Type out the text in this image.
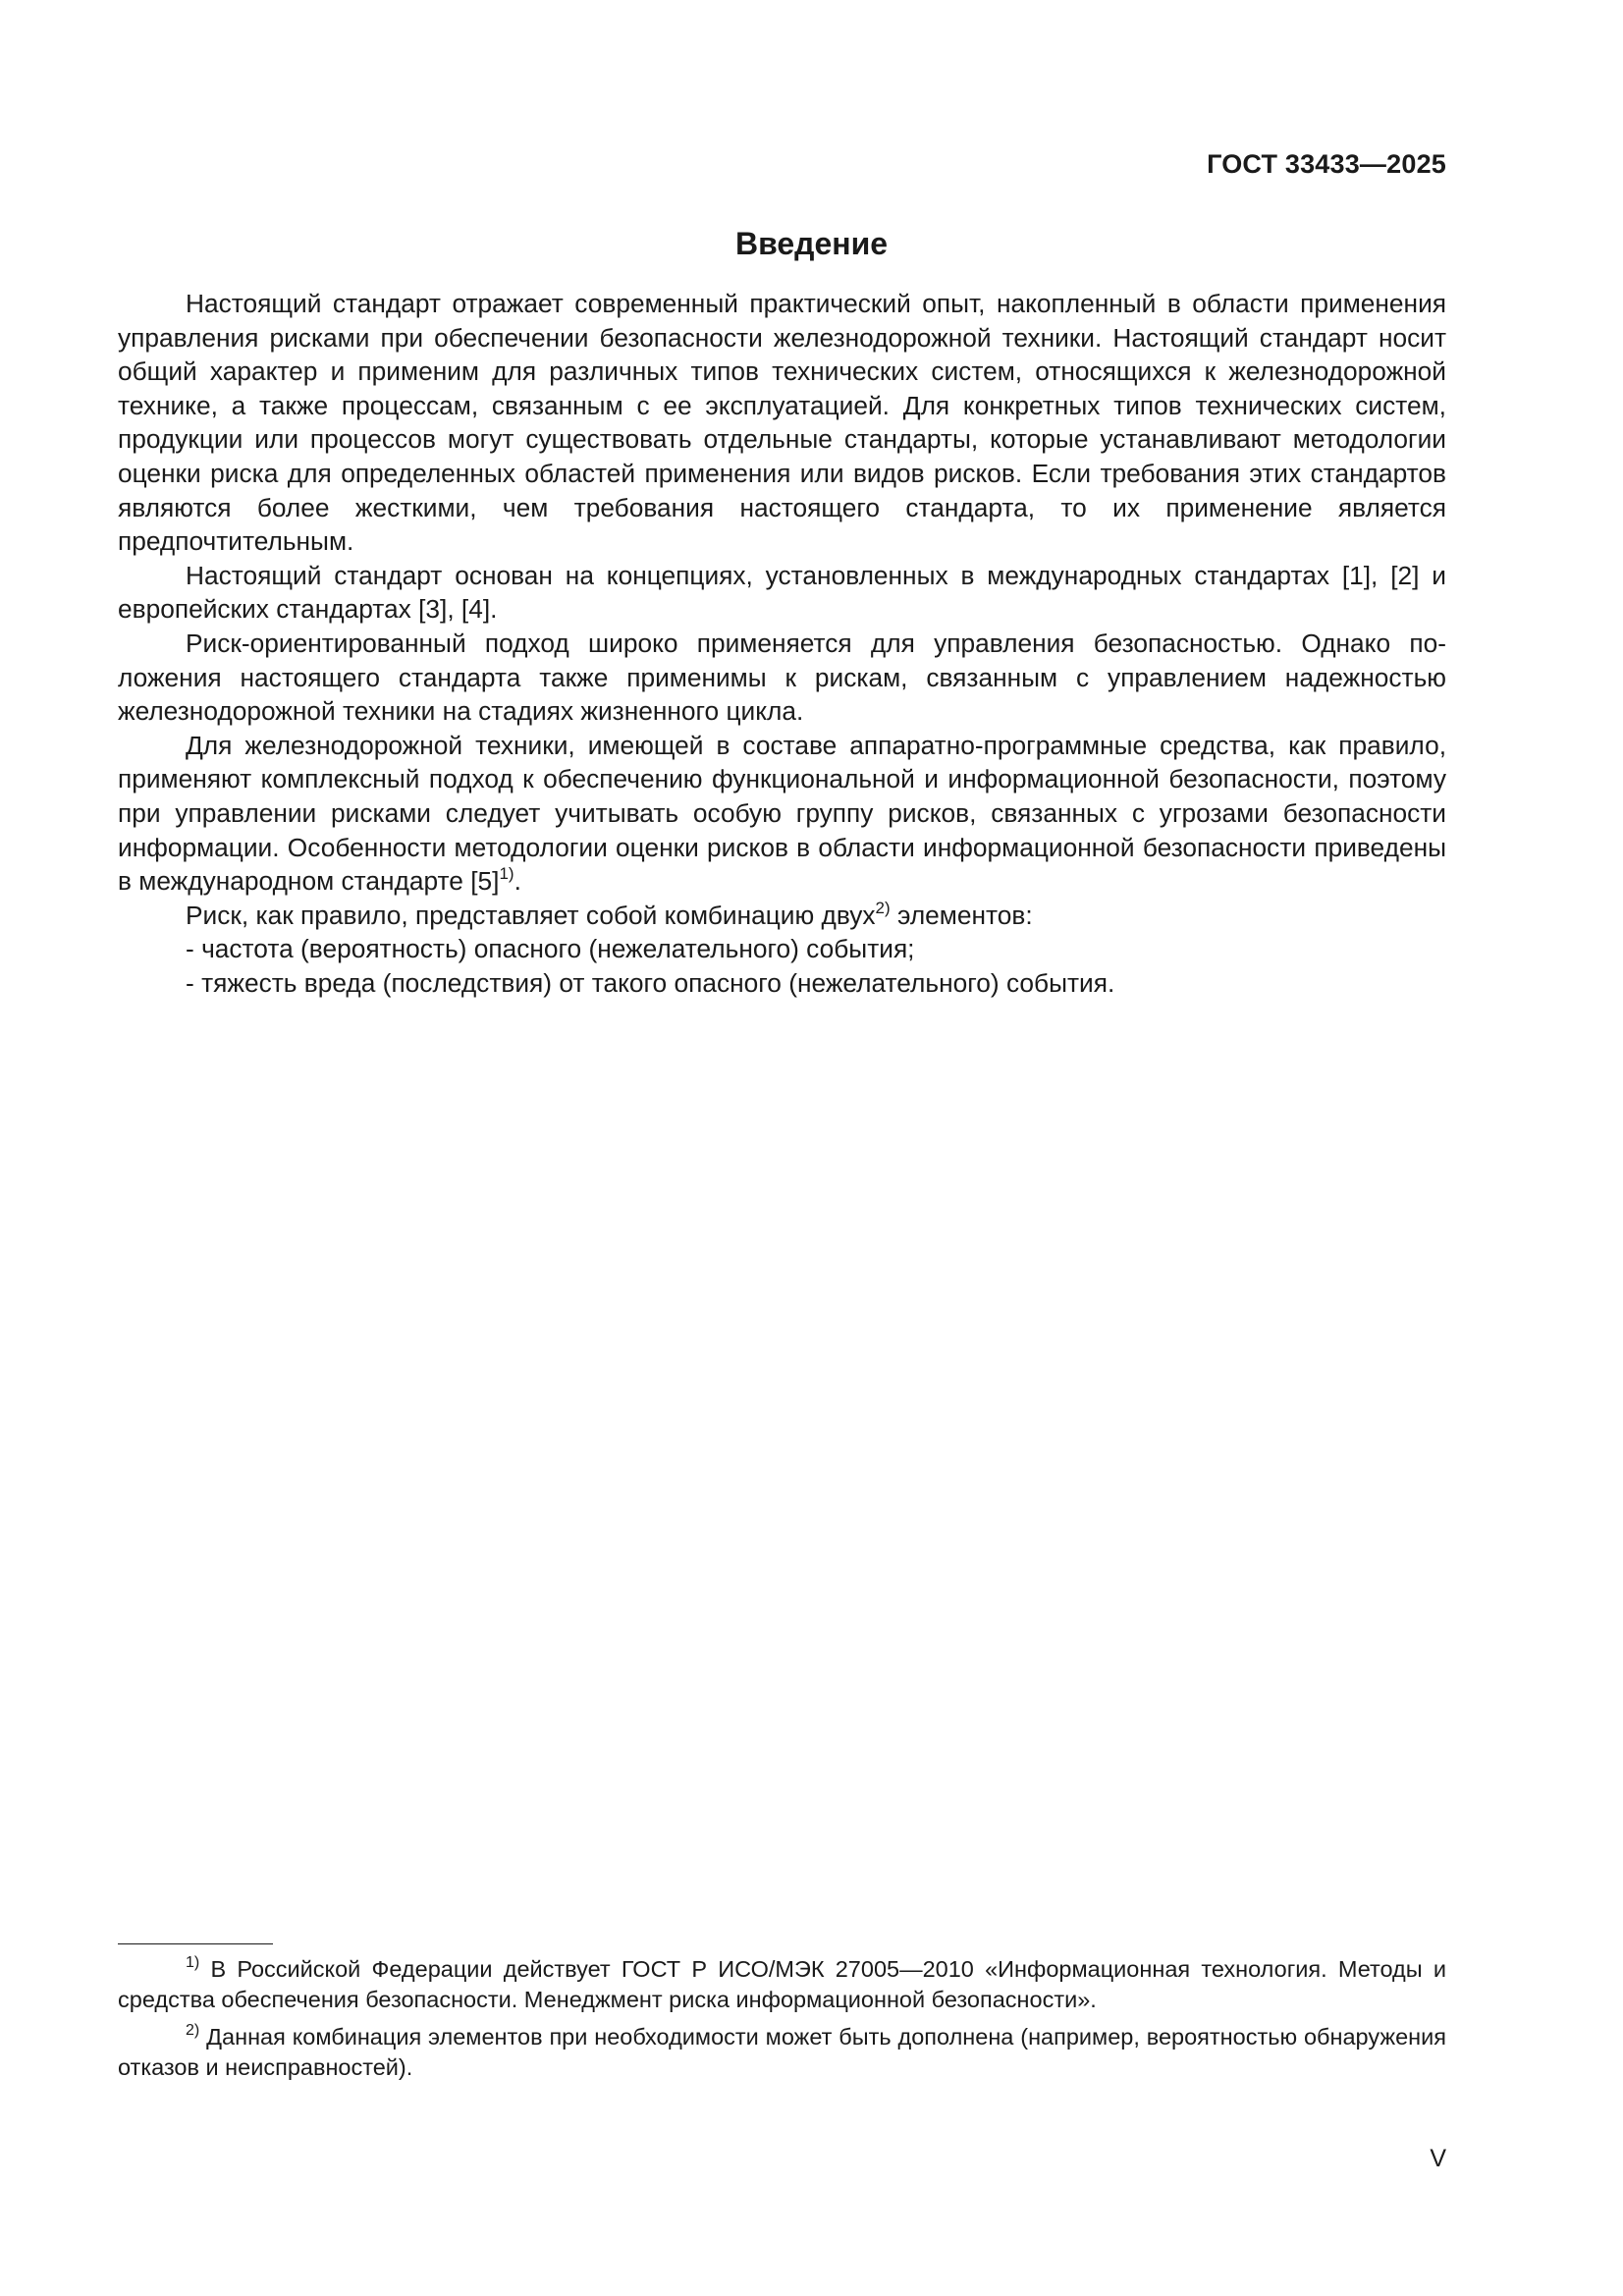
ГОСТ 33433—2025
Введение

Настоящий стандарт отражает современный практический опыт, накопленный в области применения управления рисками при обеспечении безопасности железнодорожной техники. Настоящий стандарт носит общий характер и применим для различных типов технических систем, относящихся к железнодорожной технике, а также процессам, связанным с ее эксплуатацией. Для конкретных типов технических систем, продукции или процессов могут существовать отдельные стандарты, которые устанавливают методологии оценки риска для определенных областей применения или видов рисков. Если требования этих стандартов являются более жесткими, чем требования настоящего стандарта, то их применение является предпочтительным.

Настоящий стандарт основан на концепциях, установленных в международных стандартах [1], [2] и европейских стандартах [3], [4].

Риск-ориентированный подход широко применяется для управления безопасностью. Однако положения настоящего стандарта также применимы к рискам, связанным с управлением надежностью железнодорожной техники на стадиях жизненного цикла.

Для железнодорожной техники, имеющей в составе аппаратно-программные средства, как правило, применяют комплексный подход к обеспечению функциональной и информационной безопасности, поэтому при управлении рисками следует учитывать особую группу рисков, связанных с угрозами безопасности информации. Особенности методологии оценки рисков в области информационной безопасности приведены в международном стандарте $[5]^{1)}$.

Риск, как правило, представляет собой комбинацию двух$^{2)}$ элементов:

- частота (вероятность) опасного (нежелательного) события;

- тяжесть вреда (последствия) от такого опасного (нежелательного) события.

$^{1)}$ В Российской Федерации действует ГОСТ Р ИСО/МЭК 27005—2010 «Информационная технология. Методы и средства обеспечения безопасности. Менеджмент риска информационной безопасности».

$^{2)}$ Данная комбинация элементов при необходимости может быть дополнена (например, вероятностью обнаружения отказов и неисправностей).

V
